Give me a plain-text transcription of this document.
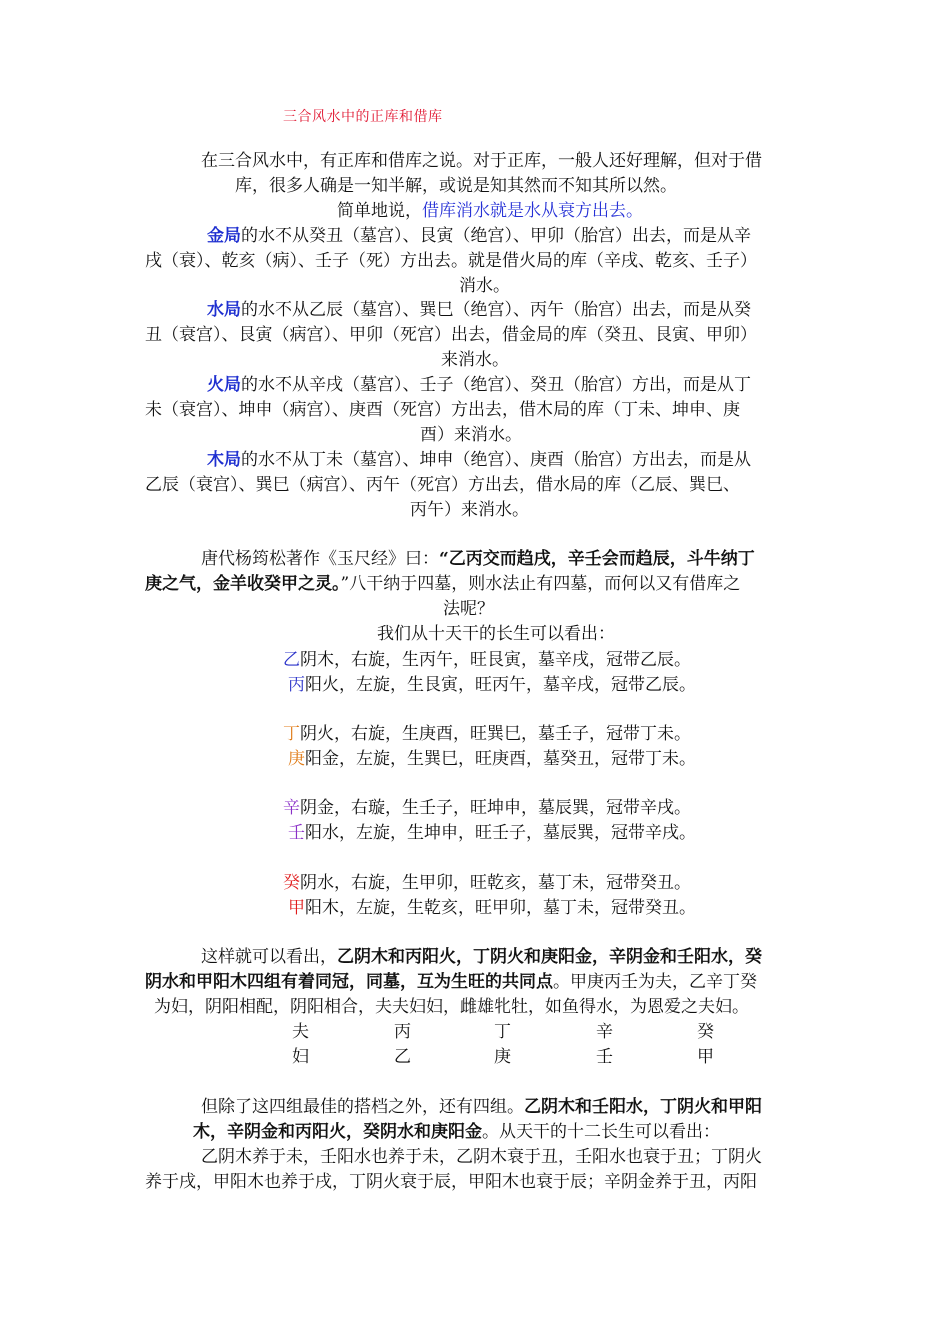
三合风水中的正库和借库
在三合风水中，有正库和借库之说。对于正库，一般人还好理解，但对于借
库，很多人确是一知半解，或说是知其然而不知其所以然。
简单地说，借库消水就是水从衰方出去。
金局的水不从癸丑（墓宫）、艮寅（绝宫）、甲卯（胎宫）出去，而是从辛
戌（衰）、乾亥（病）、壬子（死）方出去。就是借火局的库（辛戌、乾亥、壬子）
消水。
水局的水不从乙辰（墓宫）、巽巳（绝宫）、丙午（胎宫）出去，而是从癸
丑（衰宫）、艮寅（病宫）、甲卯（死宫）出去，借金局的库（癸丑、艮寅、甲卯）
来消水。
火局的水不从辛戌（墓宫）、壬子（绝宫）、癸丑（胎宫）方出，而是从丁
未（衰宫）、坤申（病宫）、庚酉（死宫）方出去，借木局的库（丁未、坤申、庚
酉）来消水。
木局的水不从丁未（墓宫）、坤申（绝宫）、庚酉（胎宫）方出去，而是从
乙辰（衰宫）、巽巳（病宫）、丙午（死宫）方出去，借水局的库（乙辰、巽巳、
丙午）来消水。
唐代杨筠松著作《玉尺经》曰：“乙丙交而趋戌，辛壬会而趋辰，斗牛纳丁
庚之气，金羊收癸甲之灵。”八干纳于四墓，则水法止有四墓，而何以又有借库之
法呢？
我们从十天干的长生可以看出：
乙阴木，右旋，生丙午，旺艮寅，墓辛戌，冠带乙辰。
丙阳火，左旋，生艮寅，旺丙午，墓辛戌，冠带乙辰。
丁阴火，右旋，生庚酉，旺巽巳，墓壬子，冠带丁未。
庚阳金，左旋，生巽巳，旺庚酉，墓癸丑，冠带丁未。
辛阴金，右璇，生壬子，旺坤申，墓辰巽，冠带辛戌。
壬阳水，左旋，生坤申，旺壬子，墓辰巽，冠带辛戌。
癸阴水，右旋，生甲卯，旺乾亥，墓丁未，冠带癸丑。
甲阳木，左旋，生乾亥，旺甲卯，墓丁未，冠带癸丑。
这样就可以看出，乙阴木和丙阳火，丁阴火和庚阳金，辛阴金和壬阳水，癸
阴水和甲阳木四组有着同冠，同墓，互为生旺的共同点。甲庚丙壬为夫，乙辛丁癸
为妇，阴阳相配，阴阳相合，夫夫妇妇，雌雄牝牡，如鱼得水，为恩爱之夫妇。
夫	丙	丁	辛	癸
妇	乙	庚	壬	甲
但除了这四组最佳的搭档之外，还有四组。乙阴木和壬阳水，丁阴火和甲阳
木，辛阴金和丙阳火，癸阴水和庚阳金。从天干的十二长生可以看出：
乙阴木养于未，壬阳水也养于未，乙阴木衰于丑，壬阳水也衰于丑；丁阴火
养于戌，甲阳木也养于戌，丁阴火衰于辰，甲阳木也衰于辰；辛阴金养于丑，丙阳
